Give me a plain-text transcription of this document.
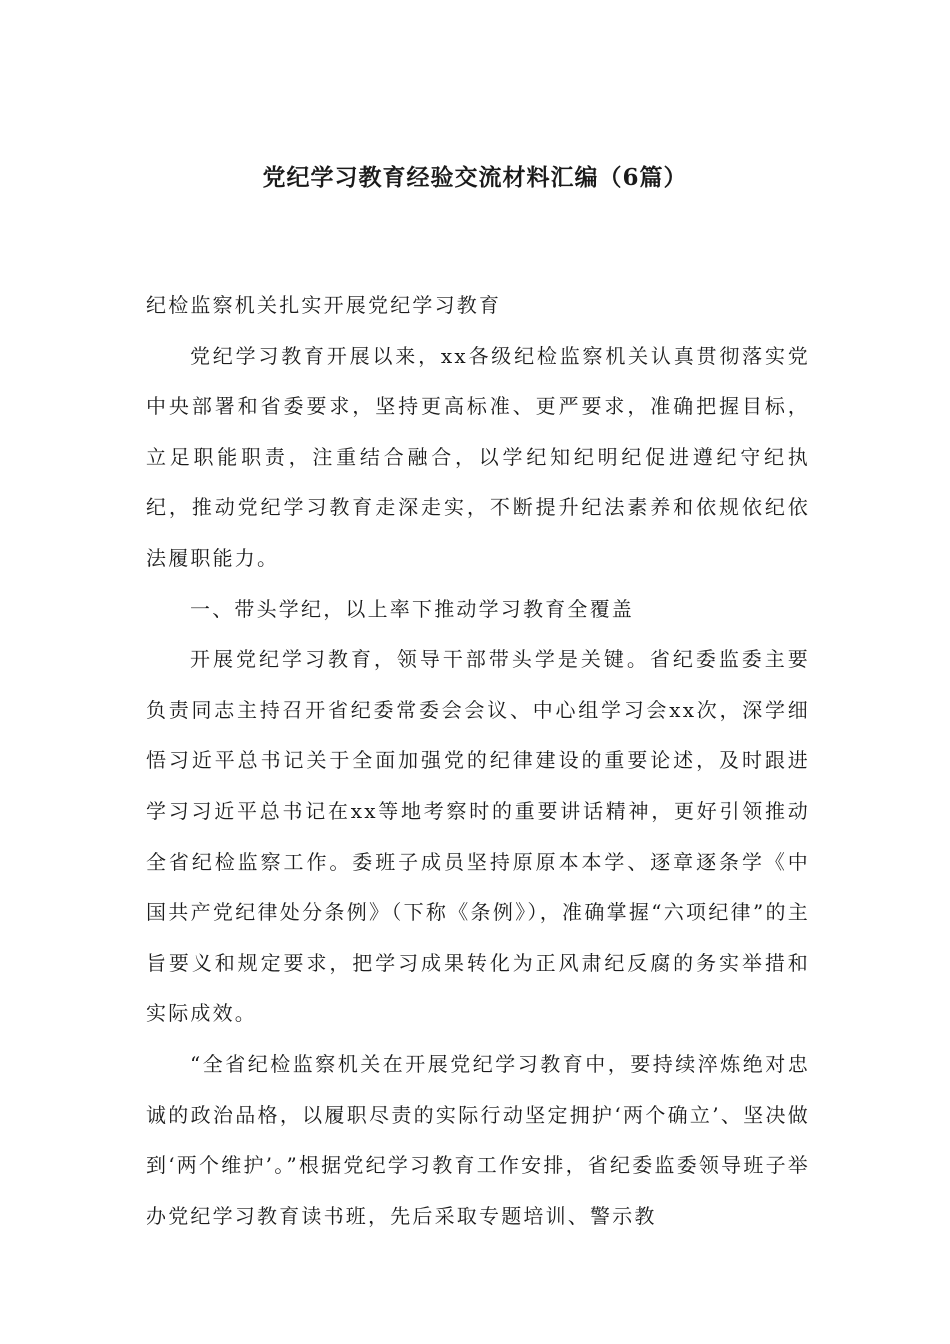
党纪学习教育经验交流材料汇编（6篇）

纪检监察机关扎实开展党纪学习教育

党纪学习教育开展以来，xx各级纪检监察机关认真贯彻落实党中央部署和省委要求，坚持更高标准、更严要求，准确把握目标，立足职能职责，注重结合融合，以学纪知纪明纪促进遵纪守纪执纪，推动党纪学习教育走深走实，不断提升纪法素养和依规依纪依法履职能力。

一、带头学纪，以上率下推动学习教育全覆盖

开展党纪学习教育，领导干部带头学是关键。省纪委监委主要负责同志主持召开省纪委常委会会议、中心组学习会xx次，深学细悟习近平总书记关于全面加强党的纪律建设的重要论述，及时跟进学习习近平总书记在xx等地考察时的重要讲话精神，更好引领推动全省纪检监察工作。委班子成员坚持原原本本学、逐章逐条学《中国共产党纪律处分条例》（下称《条例》），准确掌握“六项纪律”的主旨要义和规定要求，把学习成果转化为正风肃纪反腐的务实举措和实际成效。

“全省纪检监察机关在开展党纪学习教育中，要持续淬炼绝对忠诚的政治品格，以履职尽责的实际行动坚定拥护‘两个确立’、坚决做到‘两个维护’。”根据党纪学习教育工作安排，省纪委监委领导班子举办党纪学习教育读书班，先后采取专题培训、警示教
